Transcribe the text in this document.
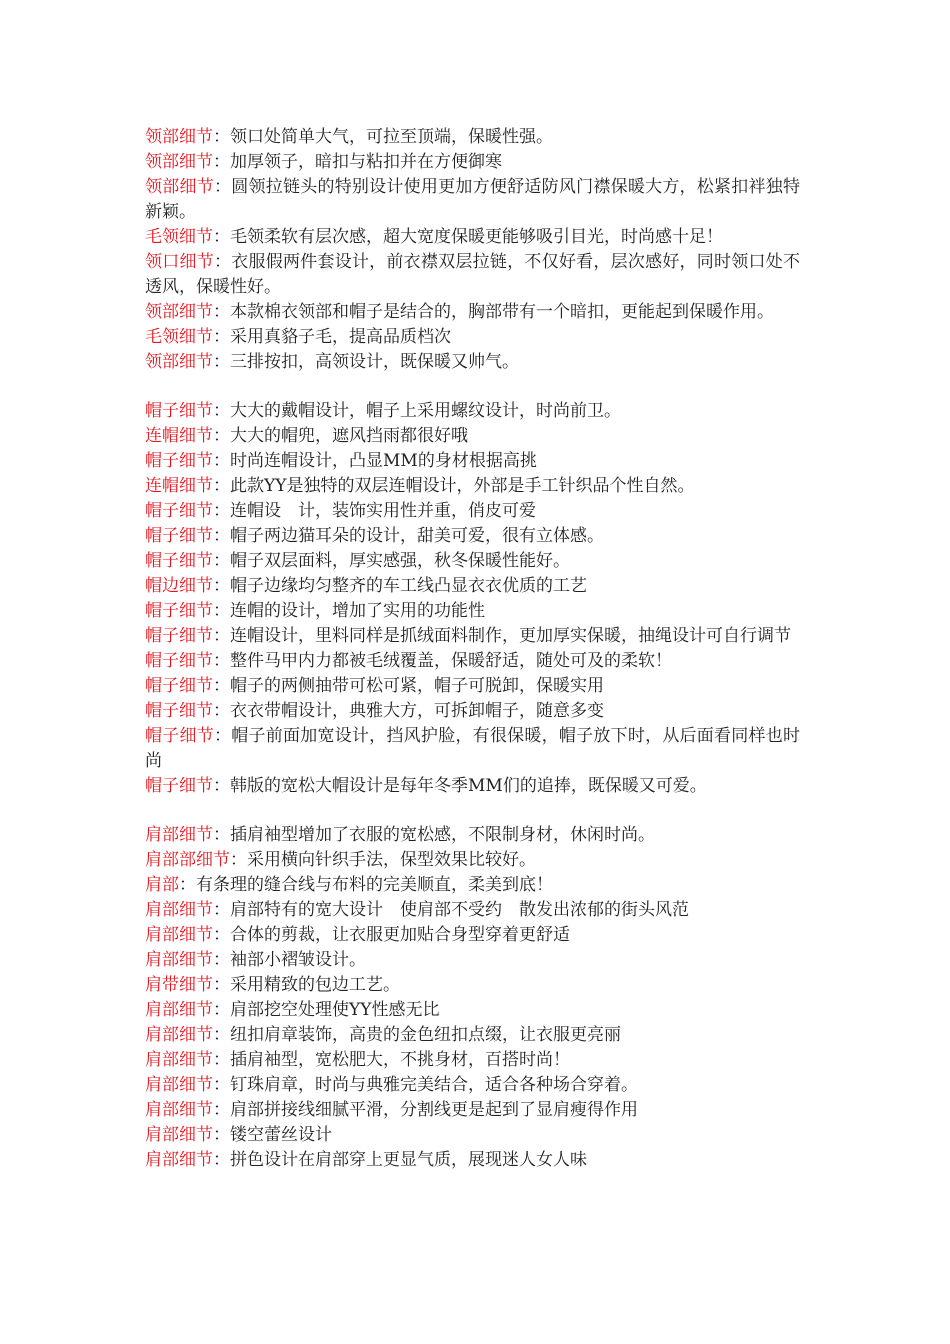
领部细节：领口处简单大气，可拉至顶端，保暖性强。

领部细节：加厚领子，暗扣与粘扣并在方便御寒

领部细节：圆领拉链头的特别设计使用更加方便舒适防风门襟保暖大方，松紧扣袢独特新颖。

毛领细节：毛领柔软有层次感，超大宽度保暖更能够吸引目光，时尚感十足！

领口细节：衣服假两件套设计，前衣襟双层拉链，不仅好看，层次感好，同时领口处不透风，保暖性好。

领部细节：本款棉衣领部和帽子是结合的，胸部带有一个暗扣，更能起到保暖作用。

毛领细节：采用真貉子毛，提高品质档次

领部细节：三排按扣，高领设计，既保暖又帅气。

帽子细节：大大的戴帽设计，帽子上采用螺纹设计，时尚前卫。

连帽细节：大大的帽兜，遮风挡雨都很好哦

帽子细节：时尚连帽设计，凸显MM的身材根据高挑

连帽细节：此款YY是独特的双层连帽设计，外部是手工针织品个性自然。

帽子细节：连帽设　计，装饰实用性并重，俏皮可爱

帽子细节：帽子两边猫耳朵的设计，甜美可爱，很有立体感。

帽子细节：帽子双层面料，厚实感强，秋冬保暖性能好。

帽边细节：帽子边缘均匀整齐的车工线凸显衣衣优质的工艺

帽子细节：连帽的设计，增加了实用的功能性

帽子细节：连帽设计，里料同样是抓绒面料制作，更加厚实保暖，抽绳设计可自行调节

帽子细节：整件马甲内力都被毛绒覆盖，保暖舒适，随处可及的柔软！

帽子细节：帽子的两侧抽带可松可紧，帽子可脱卸，保暖实用

帽子细节：衣衣带帽设计，典雅大方，可拆卸帽子，随意多变

帽子细节：帽子前面加宽设计，挡风护脸，有很保暖，帽子放下时，从后面看同样也时尚

帽子细节：韩版的宽松大帽设计是每年冬季MM们的追捧，既保暖又可爱。

肩部细节：插肩袖型增加了衣服的宽松感，不限制身材，休闲时尚。

肩部部细节：采用横向针织手法，保型效果比较好。

肩部：有条理的缝合线与布料的完美顺直，柔美到底！

肩部细节：肩部特有的宽大设计　使肩部不受约　散发出浓郁的街头风范

肩部细节：合体的剪裁，让衣服更加贴合身型穿着更舒适

肩部细节：袖部小褶皱设计。

肩带细节：采用精致的包边工艺。

肩部细节：肩部挖空处理使YY性感无比

肩部细节：纽扣肩章装饰，高贵的金色纽扣点缀，让衣服更亮丽

肩部细节：插肩袖型，宽松肥大，不挑身材，百搭时尚！

肩部细节：钉珠肩章，时尚与典雅完美结合，适合各种场合穿着。

肩部细节：肩部拼接线细腻平滑，分割线更是起到了显肩瘦得作用

肩部细节：镂空蕾丝设计

肩部细节：拼色设计在肩部穿上更显气质，展现迷人女人味
